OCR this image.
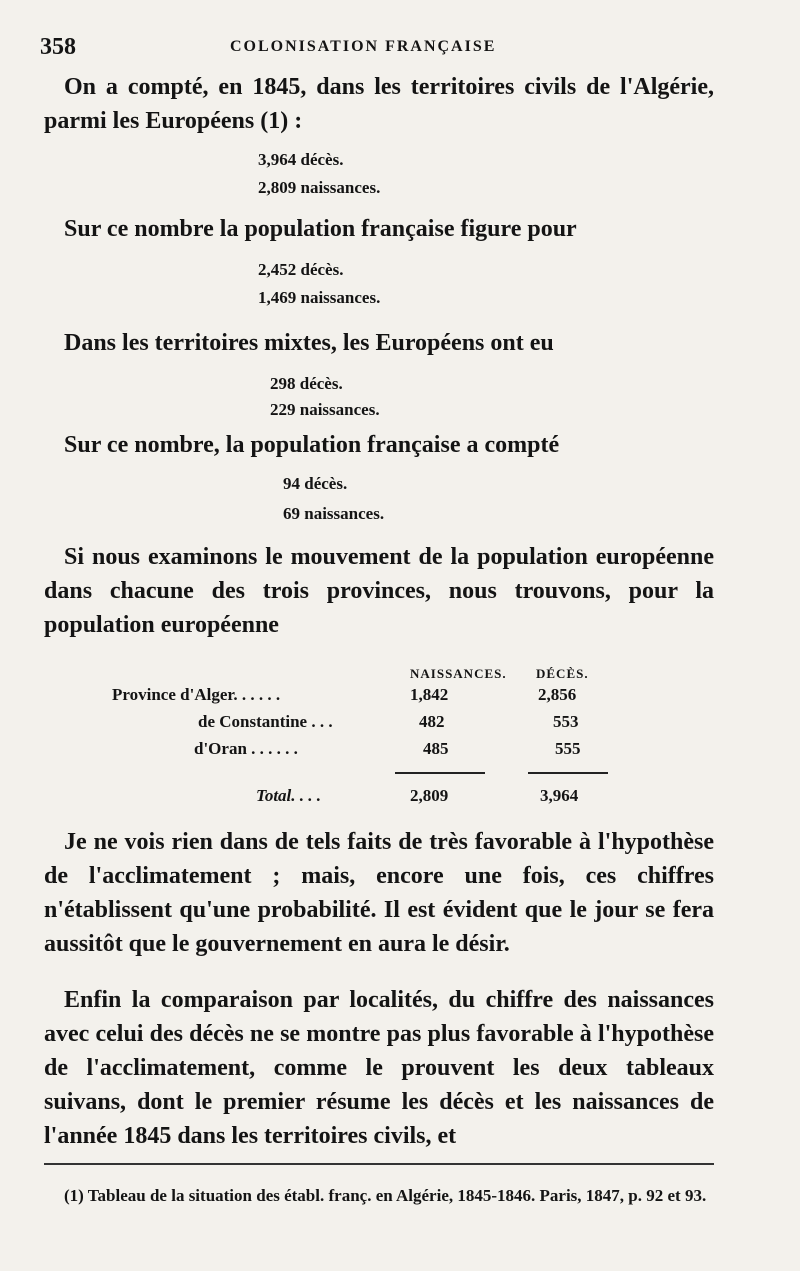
358	COLONISATION FRANÇAISE

On a compté, en 1845, dans les territoires civils de l'Algérie, parmi les Européens (1) :

3,964 décès.

2,809 naissances.

Sur ce nombre la population française figure pour

2,452 décès.

1,469 naissances.

Dans les territoires mixtes, les Européens ont eu

298 décès.

229 naissances.

Sur ce nombre, la population française a compté

94 décès.

69 naissances.

Si nous examinons le mouvement de la population européenne dans chacune des trois provinces, nous trouvons, pour la population européenne

NAISSANCES. DÉCÈS.
Province d'Alger. . . . . .	1,842	2,856
de Constantine . . .	482	553
d'Oran . . . . . .	485	555
Total. . . .	2,809	3,964

Je ne vois rien dans de tels faits de très favorable à l'hypothèse de l'acclimatement ; mais, encore une fois, ces chiffres n'établissent qu'une probabilité. Il est évident que le jour se fera aussitôt que le gouvernement en aura le désir.

Enfin la comparaison par localités, du chiffre des naissances avec celui des décès ne se montre pas plus favorable à l'hypothèse de l'acclimatement, comme le prouvent les deux tableaux suivans, dont le premier résume les décès et les naissances de l'année 1845 dans les territoires civils, et

(1) Tableau de la situation des établ. franç. en Algérie, 1845-1846. Paris, 1847, p. 92 et 93.
